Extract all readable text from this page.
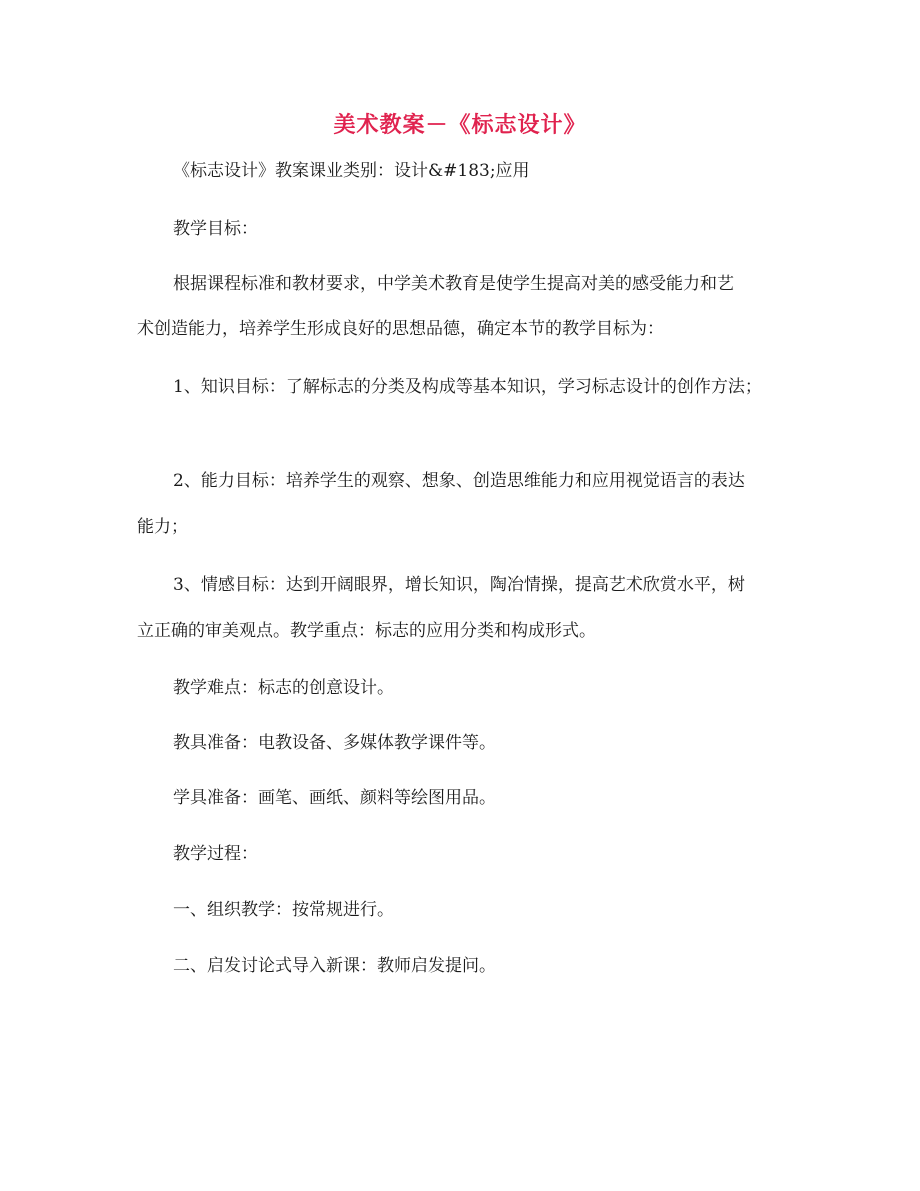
美术教案－《标志设计》
《标志设计》教案课业类别：设计&#183;应用
教学目标：
根据课程标准和教材要求，中学美术教育是使学生提高对美的感受能力和艺
术创造能力，培养学生形成良好的思想品德，确定本节的教学目标为：
1、知识目标：了解标志的分类及构成等基本知识，学习标志设计的创作方法；
2、能力目标：培养学生的观察、想象、创造思维能力和应用视觉语言的表达
能力；
3、情感目标：达到开阔眼界，增长知识，陶冶情操，提高艺术欣赏水平，树
立正确的审美观点。教学重点：标志的应用分类和构成形式。
教学难点：标志的创意设计。
教具准备：电教设备、多媒体教学课件等。
学具准备：画笔、画纸、颜料等绘图用品。
教学过程：
一、组织教学：按常规进行。
二、启发讨论式导入新课：教师启发提问。
